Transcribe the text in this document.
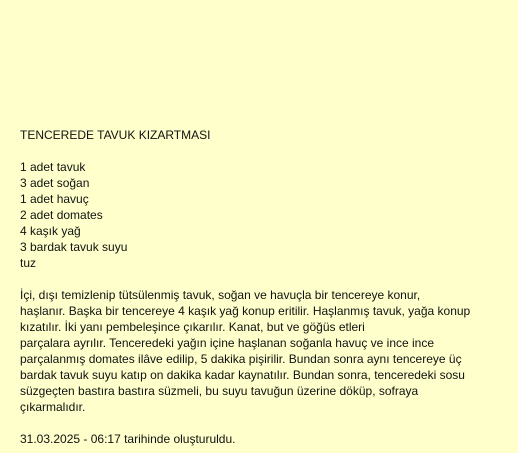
TENCEREDE TAVUK KIZARTMASI
1 adet tavuk
3 adet soğan
1 adet havuç
2 adet domates
4 kaşık yağ
3 bardak tavuk suyu
tuz

İçi, dışı temizlenip tütsülenmiş tavuk, soğan ve havuçla bir tencereye konur,
haşlanır. Başka bir tencereye 4 kaşık yağ konup eritilir. Haşlanmış tavuk, yağa konup
kızatılır. İki yanı pembeleşince çıkarılır. Kanat, but ve göğüs etleri
parçalara ayrılır. Tenceredeki yağın içine haşlanan soğanla havuç ve ince ince
parçalanmış domates ilâve edilip, 5 dakika pişirilir. Bundan sonra aynı tencereye üç
bardak tavuk suyu katıp on dakika kadar kaynatılır. Bundan sonra, tenceredeki sosu
süzgeçten bastıra bastıra süzmeli, bu suyu tavuğun üzerine döküp, sofraya
çıkarmalıdır.

31.03.2025 - 06:17 tarihinde oluşturuldu.
